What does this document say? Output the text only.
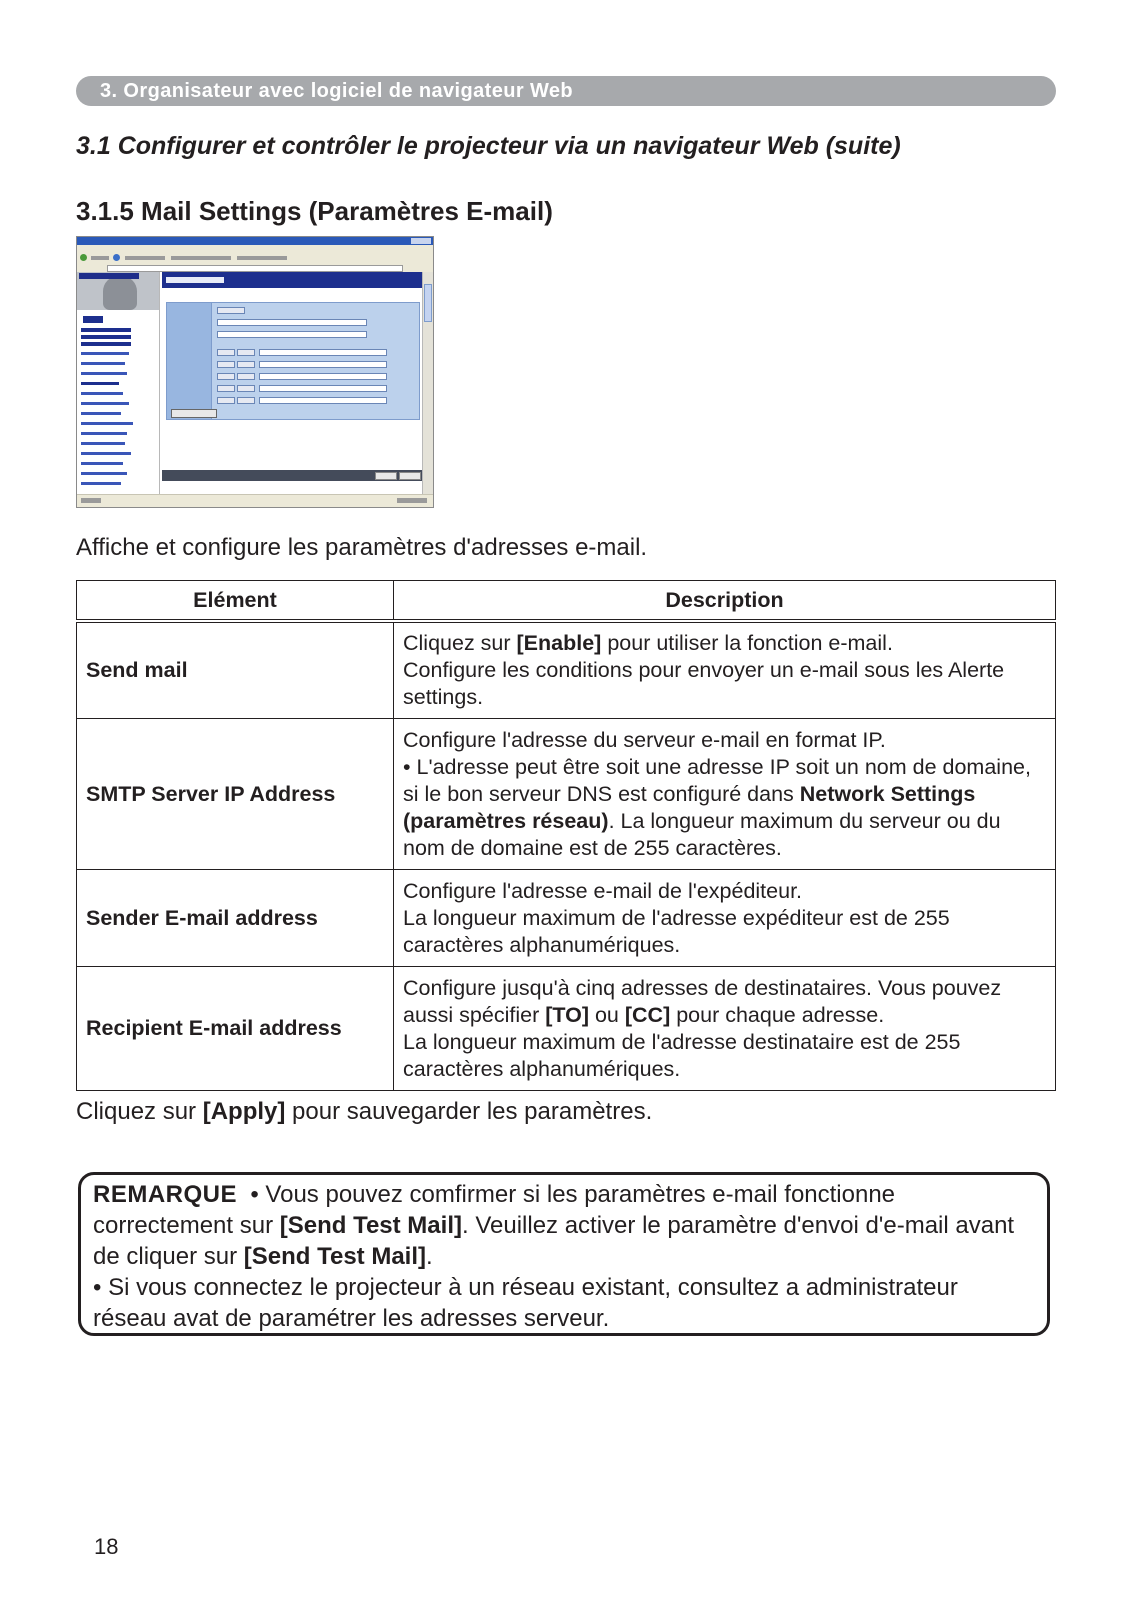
3. Organisateur avec logiciel de navigateur Web
3.1 Configurer et contrôler le projecteur via un navigateur Web (suite)
3.1.5 Mail Settings (Paramètres E-mail)
Affiche et configure les paramètres d'adresses e-mail.
Elément	Description
Send mail	Cliquez sur [Enable] pour utiliser la fonction e-mail.
Configure les conditions pour envoyer un e-mail sous les Alerte settings.

SMTP Server IP Address	Configure l'adresse du serveur e-mail en format IP.
• L'adresse peut être soit une adresse IP soit un nom de domaine, si le bon serveur DNS est configuré dans Network Settings (paramètres réseau). La longueur maximum du serveur ou du nom de domaine est de 255 caractères.

Sender E-mail address	Configure l'adresse e-mail de l'expéditeur.
La longueur maximum de l'adresse expéditeur est de 255 caractères alphanumériques.

Recipient E-mail address	Configure jusqu'à cinq adresses de destinataires. Vous pouvez aussi spécifier [TO] ou [CC] pour chaque adresse.
La longueur maximum de l'adresse destinataire est de 255 caractères alphanumériques.
Cliquez sur [Apply] pour sauvegarder les paramètres.
REMARQUE  • Vous pouvez comfirmer si les paramètres e-mail fonctionne correctement sur [Send Test Mail]. Veuillez activer le paramètre d'envoi d'e-mail avant de cliquer sur [Send Test Mail].
• Si vous connectez le projecteur à un réseau existant, consultez a administrateur réseau avat de paramétrer les adresses serveur.
18
